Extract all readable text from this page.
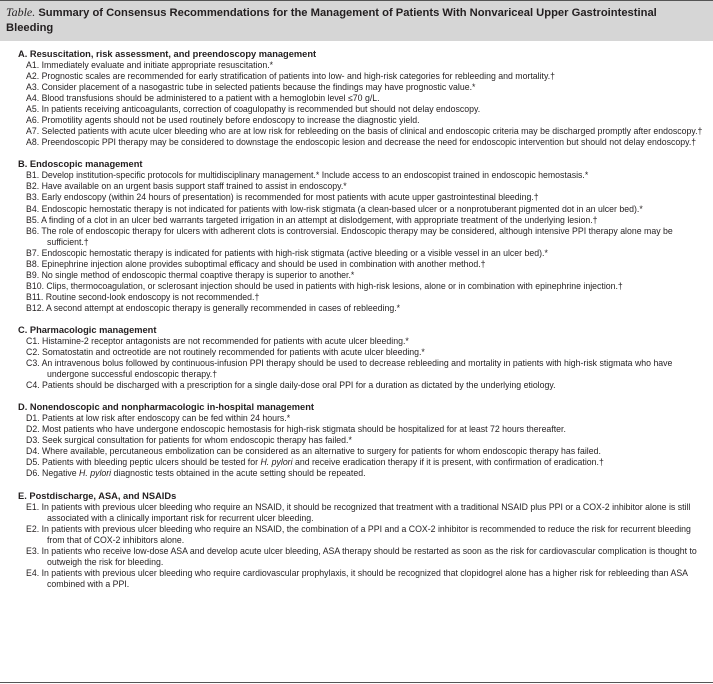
Table. Summary of Consensus Recommendations for the Management of Patients With Nonvariceal Upper Gastrointestinal Bleeding
A. Resuscitation, risk assessment, and preendoscopy management
A1. Immediately evaluate and initiate appropriate resuscitation.*
A2. Prognostic scales are recommended for early stratification of patients into low- and high-risk categories for rebleeding and mortality.†
A3. Consider placement of a nasogastric tube in selected patients because the findings may have prognostic value.*
A4. Blood transfusions should be administered to a patient with a hemoglobin level ≤70 g/L.
A5. In patients receiving anticoagulants, correction of coagulopathy is recommended but should not delay endoscopy.
A6. Promotility agents should not be used routinely before endoscopy to increase the diagnostic yield.
A7. Selected patients with acute ulcer bleeding who are at low risk for rebleeding on the basis of clinical and endoscopic criteria may be discharged promptly after endoscopy.†
A8. Preendoscopic PPI therapy may be considered to downstage the endoscopic lesion and decrease the need for endoscopic intervention but should not delay endoscopy.†
B. Endoscopic management
B1. Develop institution-specific protocols for multidisciplinary management.* Include access to an endoscopist trained in endoscopic hemostasis.*
B2. Have available on an urgent basis support staff trained to assist in endoscopy.*
B3. Early endoscopy (within 24 hours of presentation) is recommended for most patients with acute upper gastrointestinal bleeding.†
B4. Endoscopic hemostatic therapy is not indicated for patients with low-risk stigmata (a clean-based ulcer or a nonprotuberant pigmented dot in an ulcer bed).*
B5. A finding of a clot in an ulcer bed warrants targeted irrigation in an attempt at dislodgement, with appropriate treatment of the underlying lesion.†
B6. The role of endoscopic therapy for ulcers with adherent clots is controversial. Endoscopic therapy may be considered, although intensive PPI therapy alone may be sufficient.†
B7. Endoscopic hemostatic therapy is indicated for patients with high-risk stigmata (active bleeding or a visible vessel in an ulcer bed).*
B8. Epinephrine injection alone provides suboptimal efficacy and should be used in combination with another method.†
B9. No single method of endoscopic thermal coaptive therapy is superior to another.*
B10. Clips, thermocoagulation, or sclerosant injection should be used in patients with high-risk lesions, alone or in combination with epinephrine injection.†
B11. Routine second-look endoscopy is not recommended.†
B12. A second attempt at endoscopic therapy is generally recommended in cases of rebleeding.*
C. Pharmacologic management
C1. Histamine-2 receptor antagonists are not recommended for patients with acute ulcer bleeding.*
C2. Somatostatin and octreotide are not routinely recommended for patients with acute ulcer bleeding.*
C3. An intravenous bolus followed by continuous-infusion PPI therapy should be used to decrease rebleeding and mortality in patients with high-risk stigmata who have undergone successful endoscopic therapy.†
C4. Patients should be discharged with a prescription for a single daily-dose oral PPI for a duration as dictated by the underlying etiology.
D. Nonendoscopic and nonpharmacologic in-hospital management
D1. Patients at low risk after endoscopy can be fed within 24 hours.*
D2. Most patients who have undergone endoscopic hemostasis for high-risk stigmata should be hospitalized for at least 72 hours thereafter.
D3. Seek surgical consultation for patients for whom endoscopic therapy has failed.*
D4. Where available, percutaneous embolization can be considered as an alternative to surgery for patients for whom endoscopic therapy has failed.
D5. Patients with bleeding peptic ulcers should be tested for H. pylori and receive eradication therapy if it is present, with confirmation of eradication.†
D6. Negative H. pylori diagnostic tests obtained in the acute setting should be repeated.
E. Postdischarge, ASA, and NSAIDs
E1. In patients with previous ulcer bleeding who require an NSAID, it should be recognized that treatment with a traditional NSAID plus PPI or a COX-2 inhibitor alone is still associated with a clinically important risk for recurrent ulcer bleeding.
E2. In patients with previous ulcer bleeding who require an NSAID, the combination of a PPI and a COX-2 inhibitor is recommended to reduce the risk for recurrent bleeding from that of COX-2 inhibitors alone.
E3. In patients who receive low-dose ASA and develop acute ulcer bleeding, ASA therapy should be restarted as soon as the risk for cardiovascular complication is thought to outweigh the risk for bleeding.
E4. In patients with previous ulcer bleeding who require cardiovascular prophylaxis, it should be recognized that clopidogrel alone has a higher risk for rebleeding than ASA combined with a PPI.
